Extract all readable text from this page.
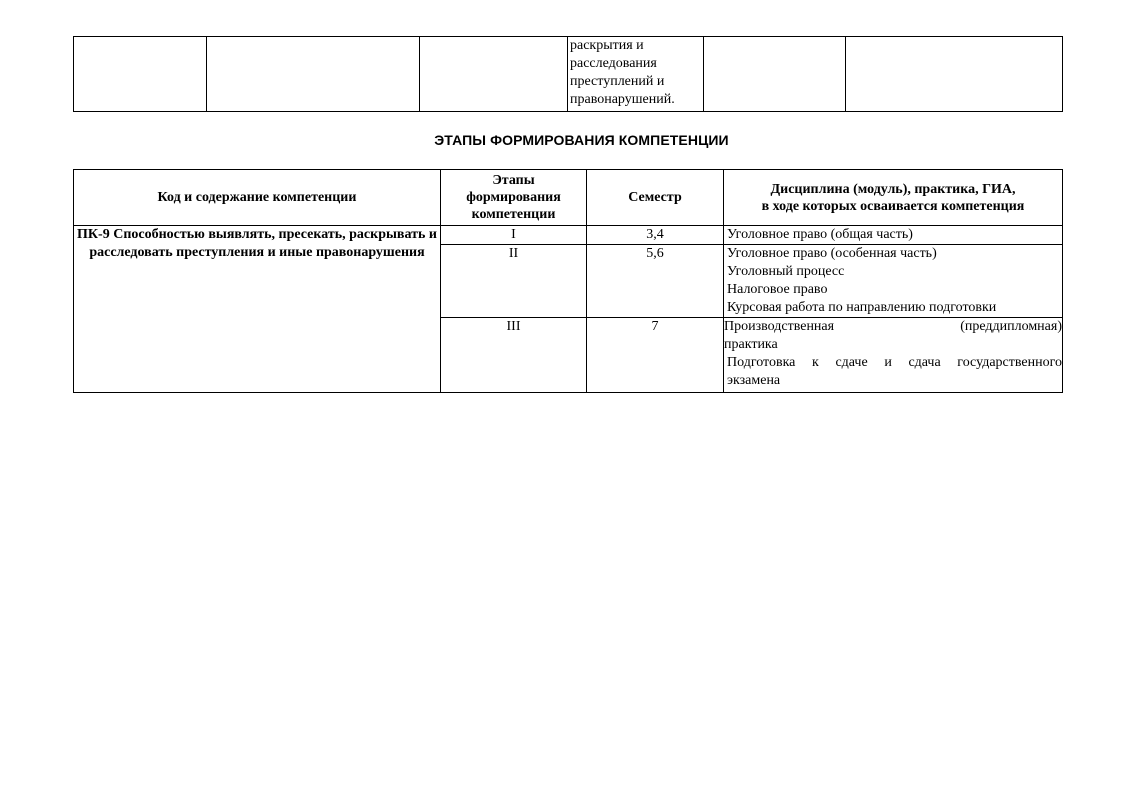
раскрытия и
расследования
преступлений и
правонарушений.

ЭТАПЫ ФОРМИРОВАНИЯ КОМПЕТЕНЦИИ
Код и содержание компетенции	Этапы
формирования
компетенции	Семестр	Дисциплина (модуль), практика, ГИА,
в ходе которых осваивается компетенция

ПК-9 Способностью выявлять, пресекать, раскрывать и расследовать преступления и иные правонарушения	I	3,4	Уголовное право (общая часть)

	II	5,6	Уголовное право (особенная часть)
Уголовный процесс
Налоговое право
Курсовая работа по направлению подготовки

	III	7	Производственная (преддипломная)
практика
Подготовка к сдаче и сдача государственного
экзамена
